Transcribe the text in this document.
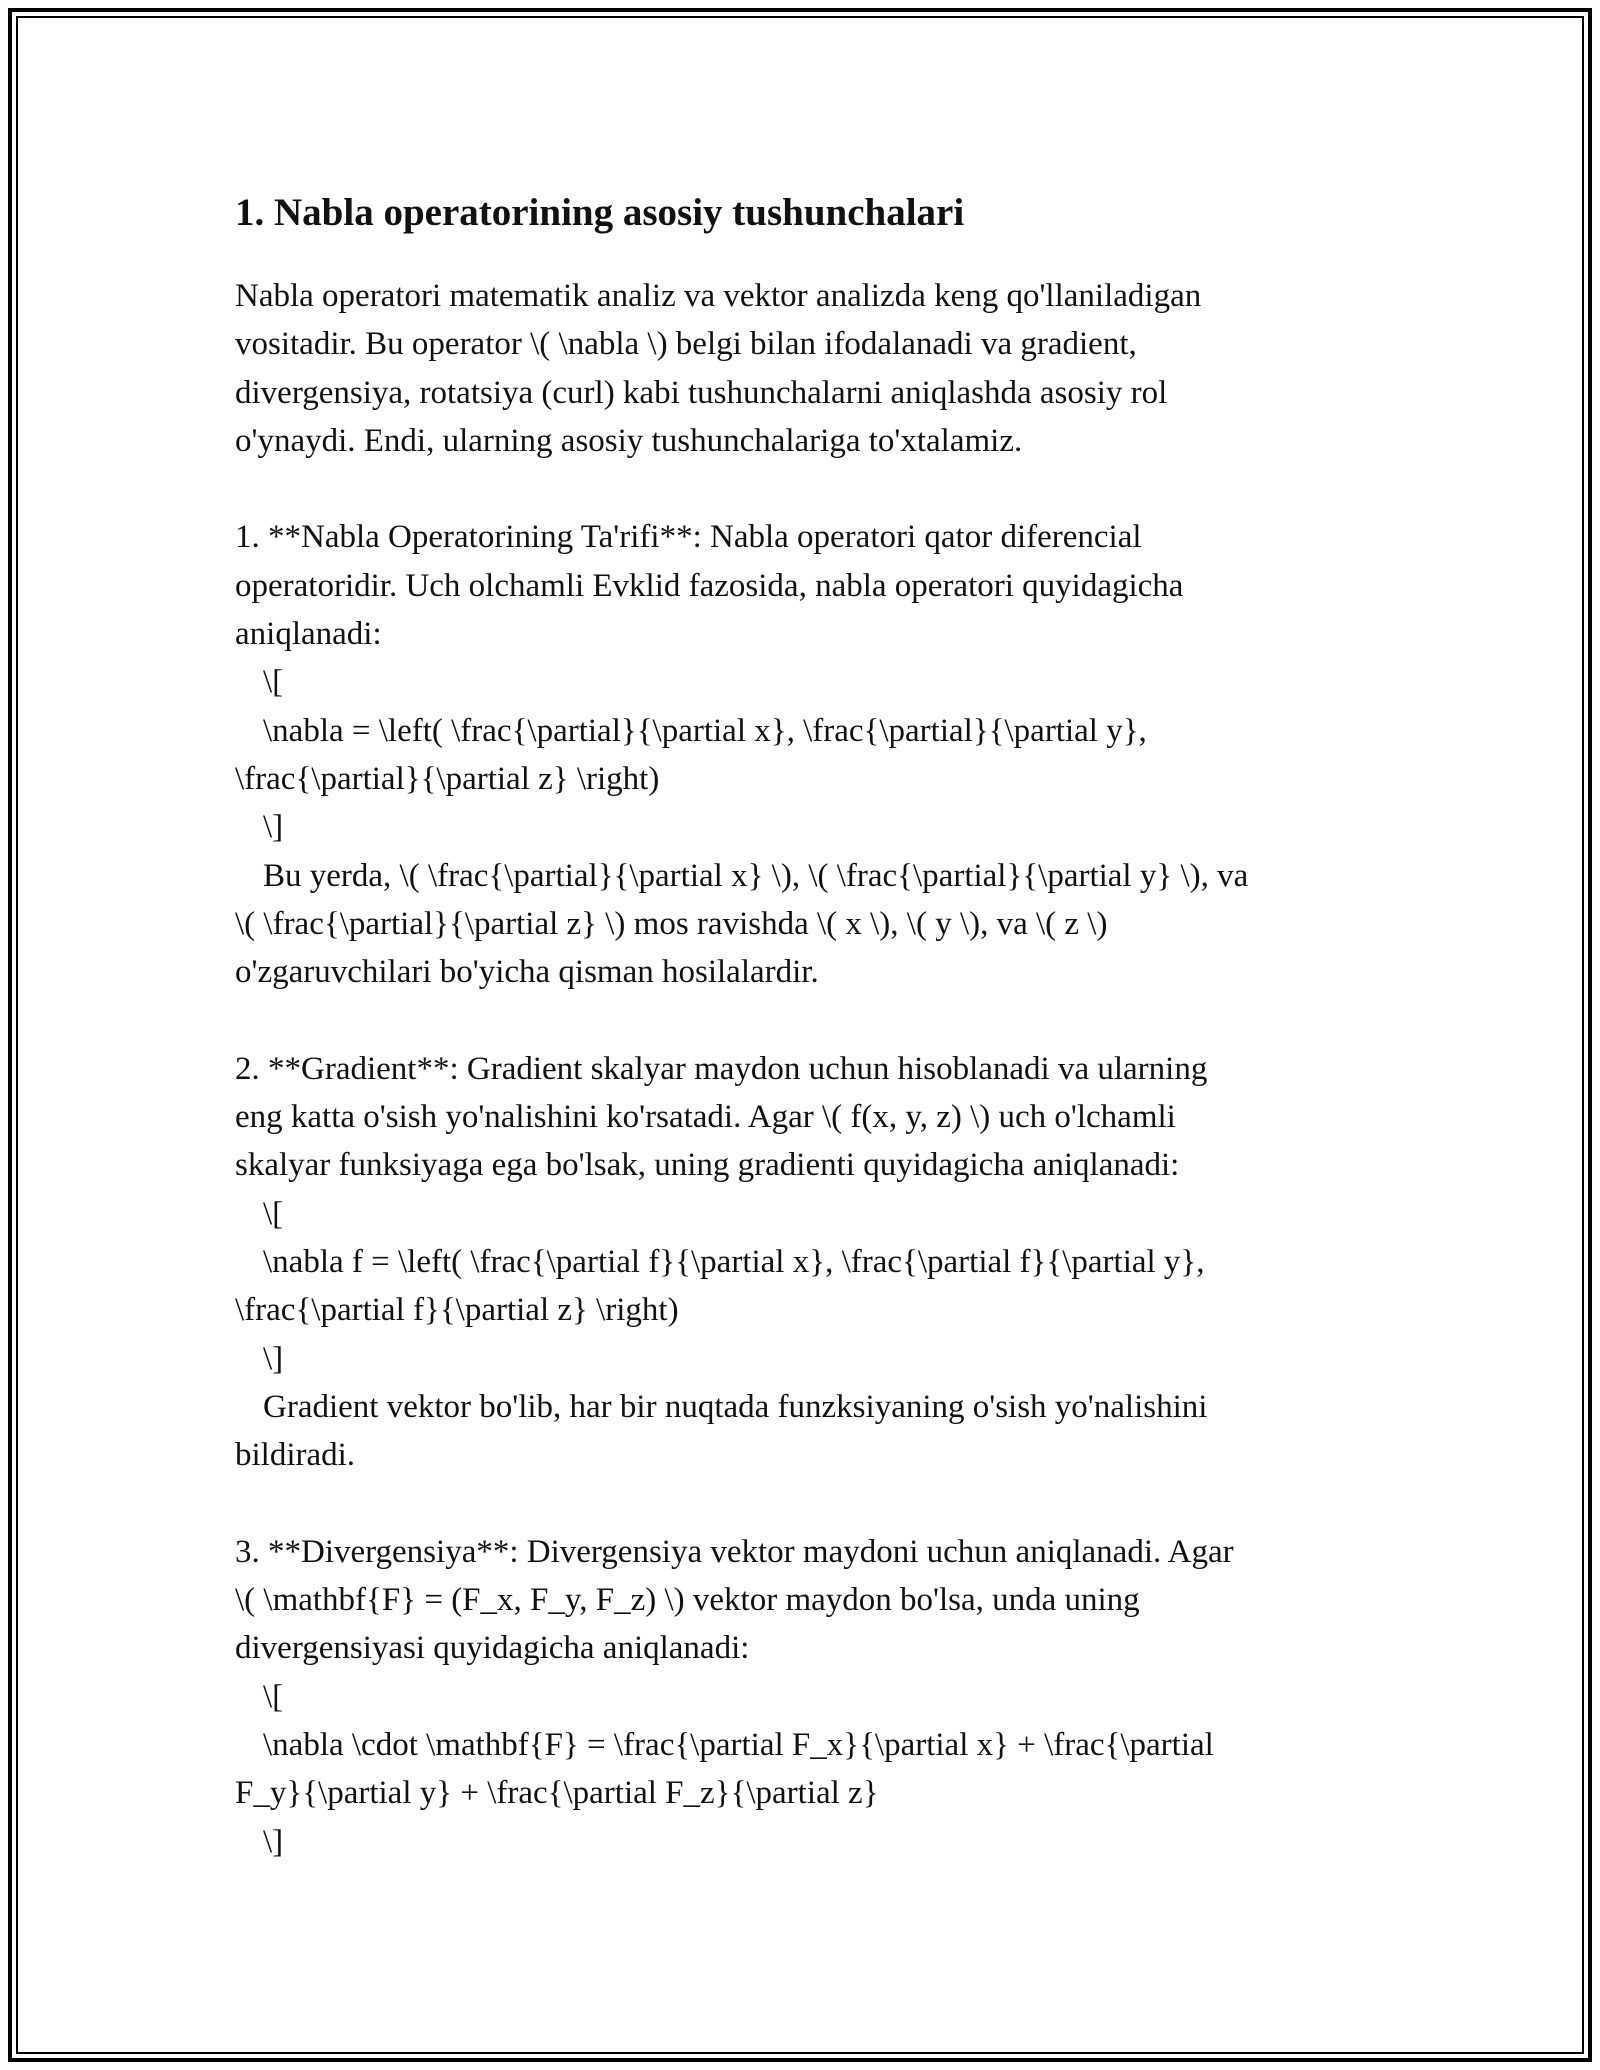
1. Nabla operatorining asosiy tushunchalari
Nabla operatori matematik analiz va vektor analizda keng qo'llaniladigan
vositadir. Bu operator \( \nabla \) belgi bilan ifodalanadi va gradient,
divergensiya, rotatsiya (curl) kabi tushunchalarni aniqlashda asosiy rol
o'ynaydi. Endi, ularning asosiy tushunchalariga to'xtalamiz.
1. **Nabla Operatorining Ta'rifi**: Nabla operatori qator diferencial
operatoridir. Uch olchamli Evklid fazosida, nabla operatori quyidagicha
aniqlanadi:
\[
\nabla = \left( \frac{\partial}{\partial x}, \frac{\partial}{\partial y},
\frac{\partial}{\partial z} \right)
\]
Bu yerda, \( \frac{\partial}{\partial x} \), \( \frac{\partial}{\partial y} \), va
\( \frac{\partial}{\partial z} \) mos ravishda \( x \), \( y \), va \( z \)
o'zgaruvchilari bo'yicha qisman hosilalardir.
2. **Gradient**: Gradient skalyar maydon uchun hisoblanadi va ularning
eng katta o'sish yo'nalishini ko'rsatadi. Agar \( f(x, y, z) \) uch o'lchamli
skalyar funksiyaga ega bo'lsak, uning gradienti quyidagicha aniqlanadi:
\[
\nabla f = \left( \frac{\partial f}{\partial x}, \frac{\partial f}{\partial y},
\frac{\partial f}{\partial z} \right)
\]
Gradient vektor bo'lib, har bir nuqtada funzksiyaning o'sish yo'nalishini
bildiradi.
3. **Divergensiya**: Divergensiya vektor maydoni uchun aniqlanadi. Agar
\( \mathbf{F} = (F_x, F_y, F_z) \) vektor maydon bo'lsa, unda uning
divergensiyasi quyidagicha aniqlanadi:
\[
\nabla \cdot \mathbf{F} = \frac{\partial F_x}{\partial x} + \frac{\partial
F_y}{\partial y} + \frac{\partial F_z}{\partial z}
\]
